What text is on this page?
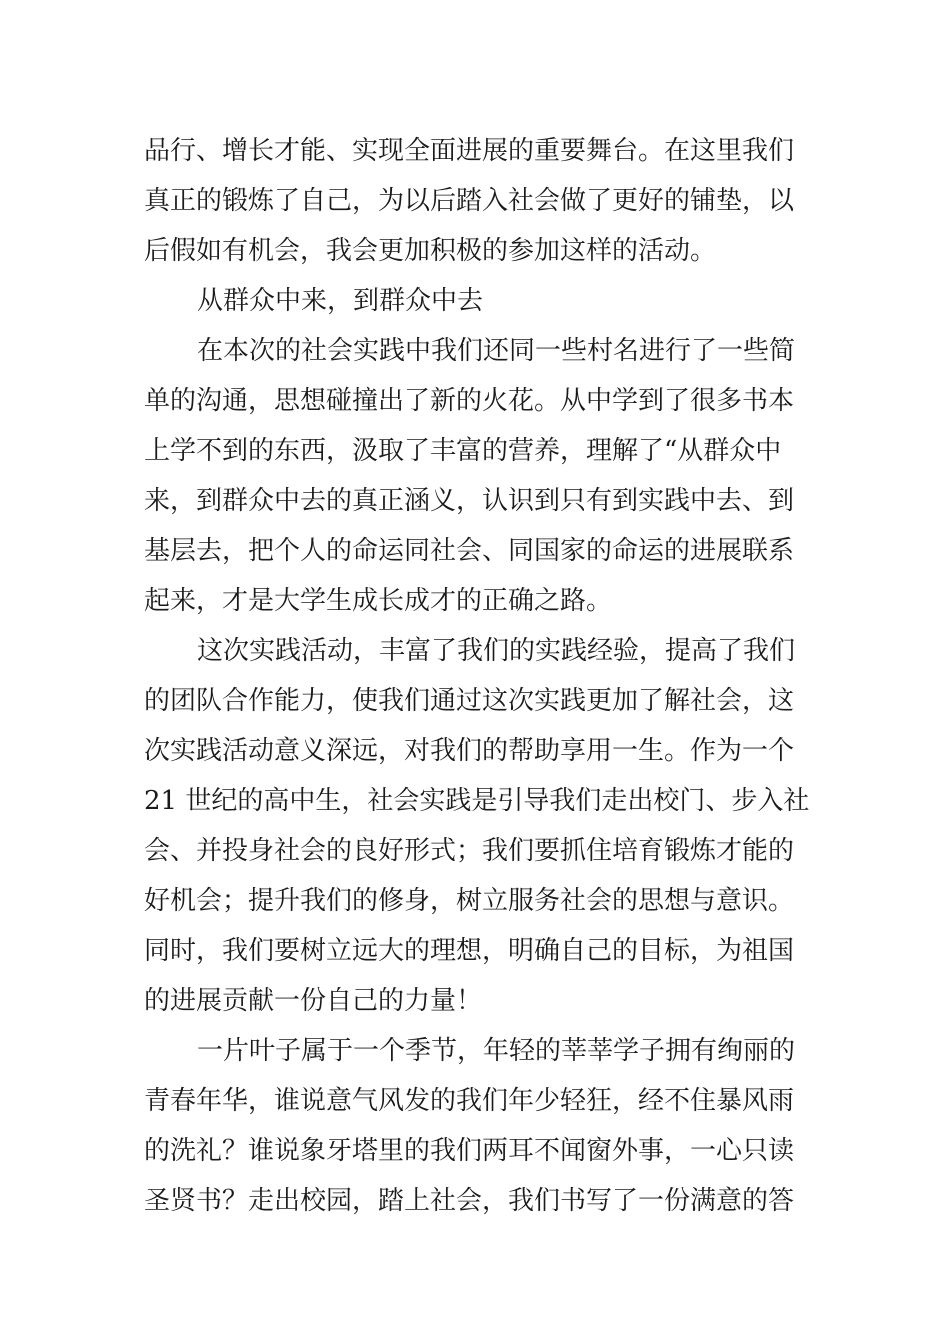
品行、增长才能、实现全面进展的重要舞台。在这里我们
真正的锻炼了自己，为以后踏入社会做了更好的铺垫，以
后假如有机会，我会更加积极的参加这样的活动。
从群众中来，到群众中去
在本次的社会实践中我们还同一些村名进行了一些简
单的沟通，思想碰撞出了新的火花。从中学到了很多书本
上学不到的东西，汲取了丰富的营养，理解了“从群众中
来，到群众中去的真正涵义，认识到只有到实践中去、到
基层去，把个人的命运同社会、同国家的命运的进展联系
起来，才是大学生成长成才的正确之路。
这次实践活动，丰富了我们的实践经验，提高了我们
的团队合作能力，使我们通过这次实践更加了解社会，这
次实践活动意义深远，对我们的帮助享用一生。作为一个
21 世纪的高中生，社会实践是引导我们走出校门、步入社
会、并投身社会的良好形式；我们要抓住培育锻炼才能的
好机会；提升我们的修身，树立服务社会的思想与意识。
同时，我们要树立远大的理想，明确自己的目标，为祖国
的进展贡献一份自己的力量！
一片叶子属于一个季节，年轻的莘莘学子拥有绚丽的
青春年华，谁说意气风发的我们年少轻狂，经不住暴风雨
的洗礼？谁说象牙塔里的我们两耳不闻窗外事，一心只读
圣贤书？走出校园，踏上社会，我们书写了一份满意的答
